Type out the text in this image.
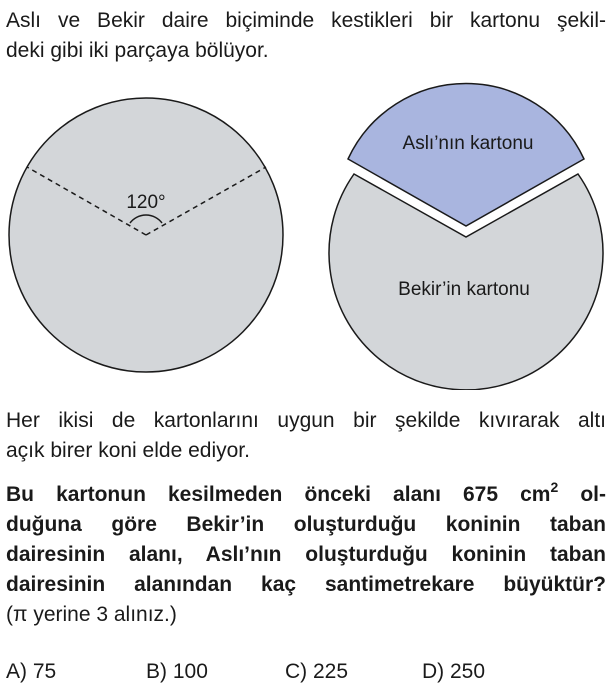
Aslı ve Bekir daire biçiminde kestikleri bir kartonu şekil-
deki gibi iki parçaya bölüyor.
120°
Aslı’nın kartonu
Bekir’in kartonu
Her ikisi de kartonlarını uygun bir şekilde kıvırarak altı
açık birer koni elde ediyor.
Bu kartonun kesilmeden önceki alanı 675 $cm^2$ ol-
duğuna göre Bekir’in oluşturduğu koninin taban
dairesinin alanı, Aslı’nın oluşturduğu koninin taban
dairesinin alanından kaç santimetrekare büyüktür?
(π yerine 3 alınız.)
A) 75	B) 100	C) 225	D) 250
